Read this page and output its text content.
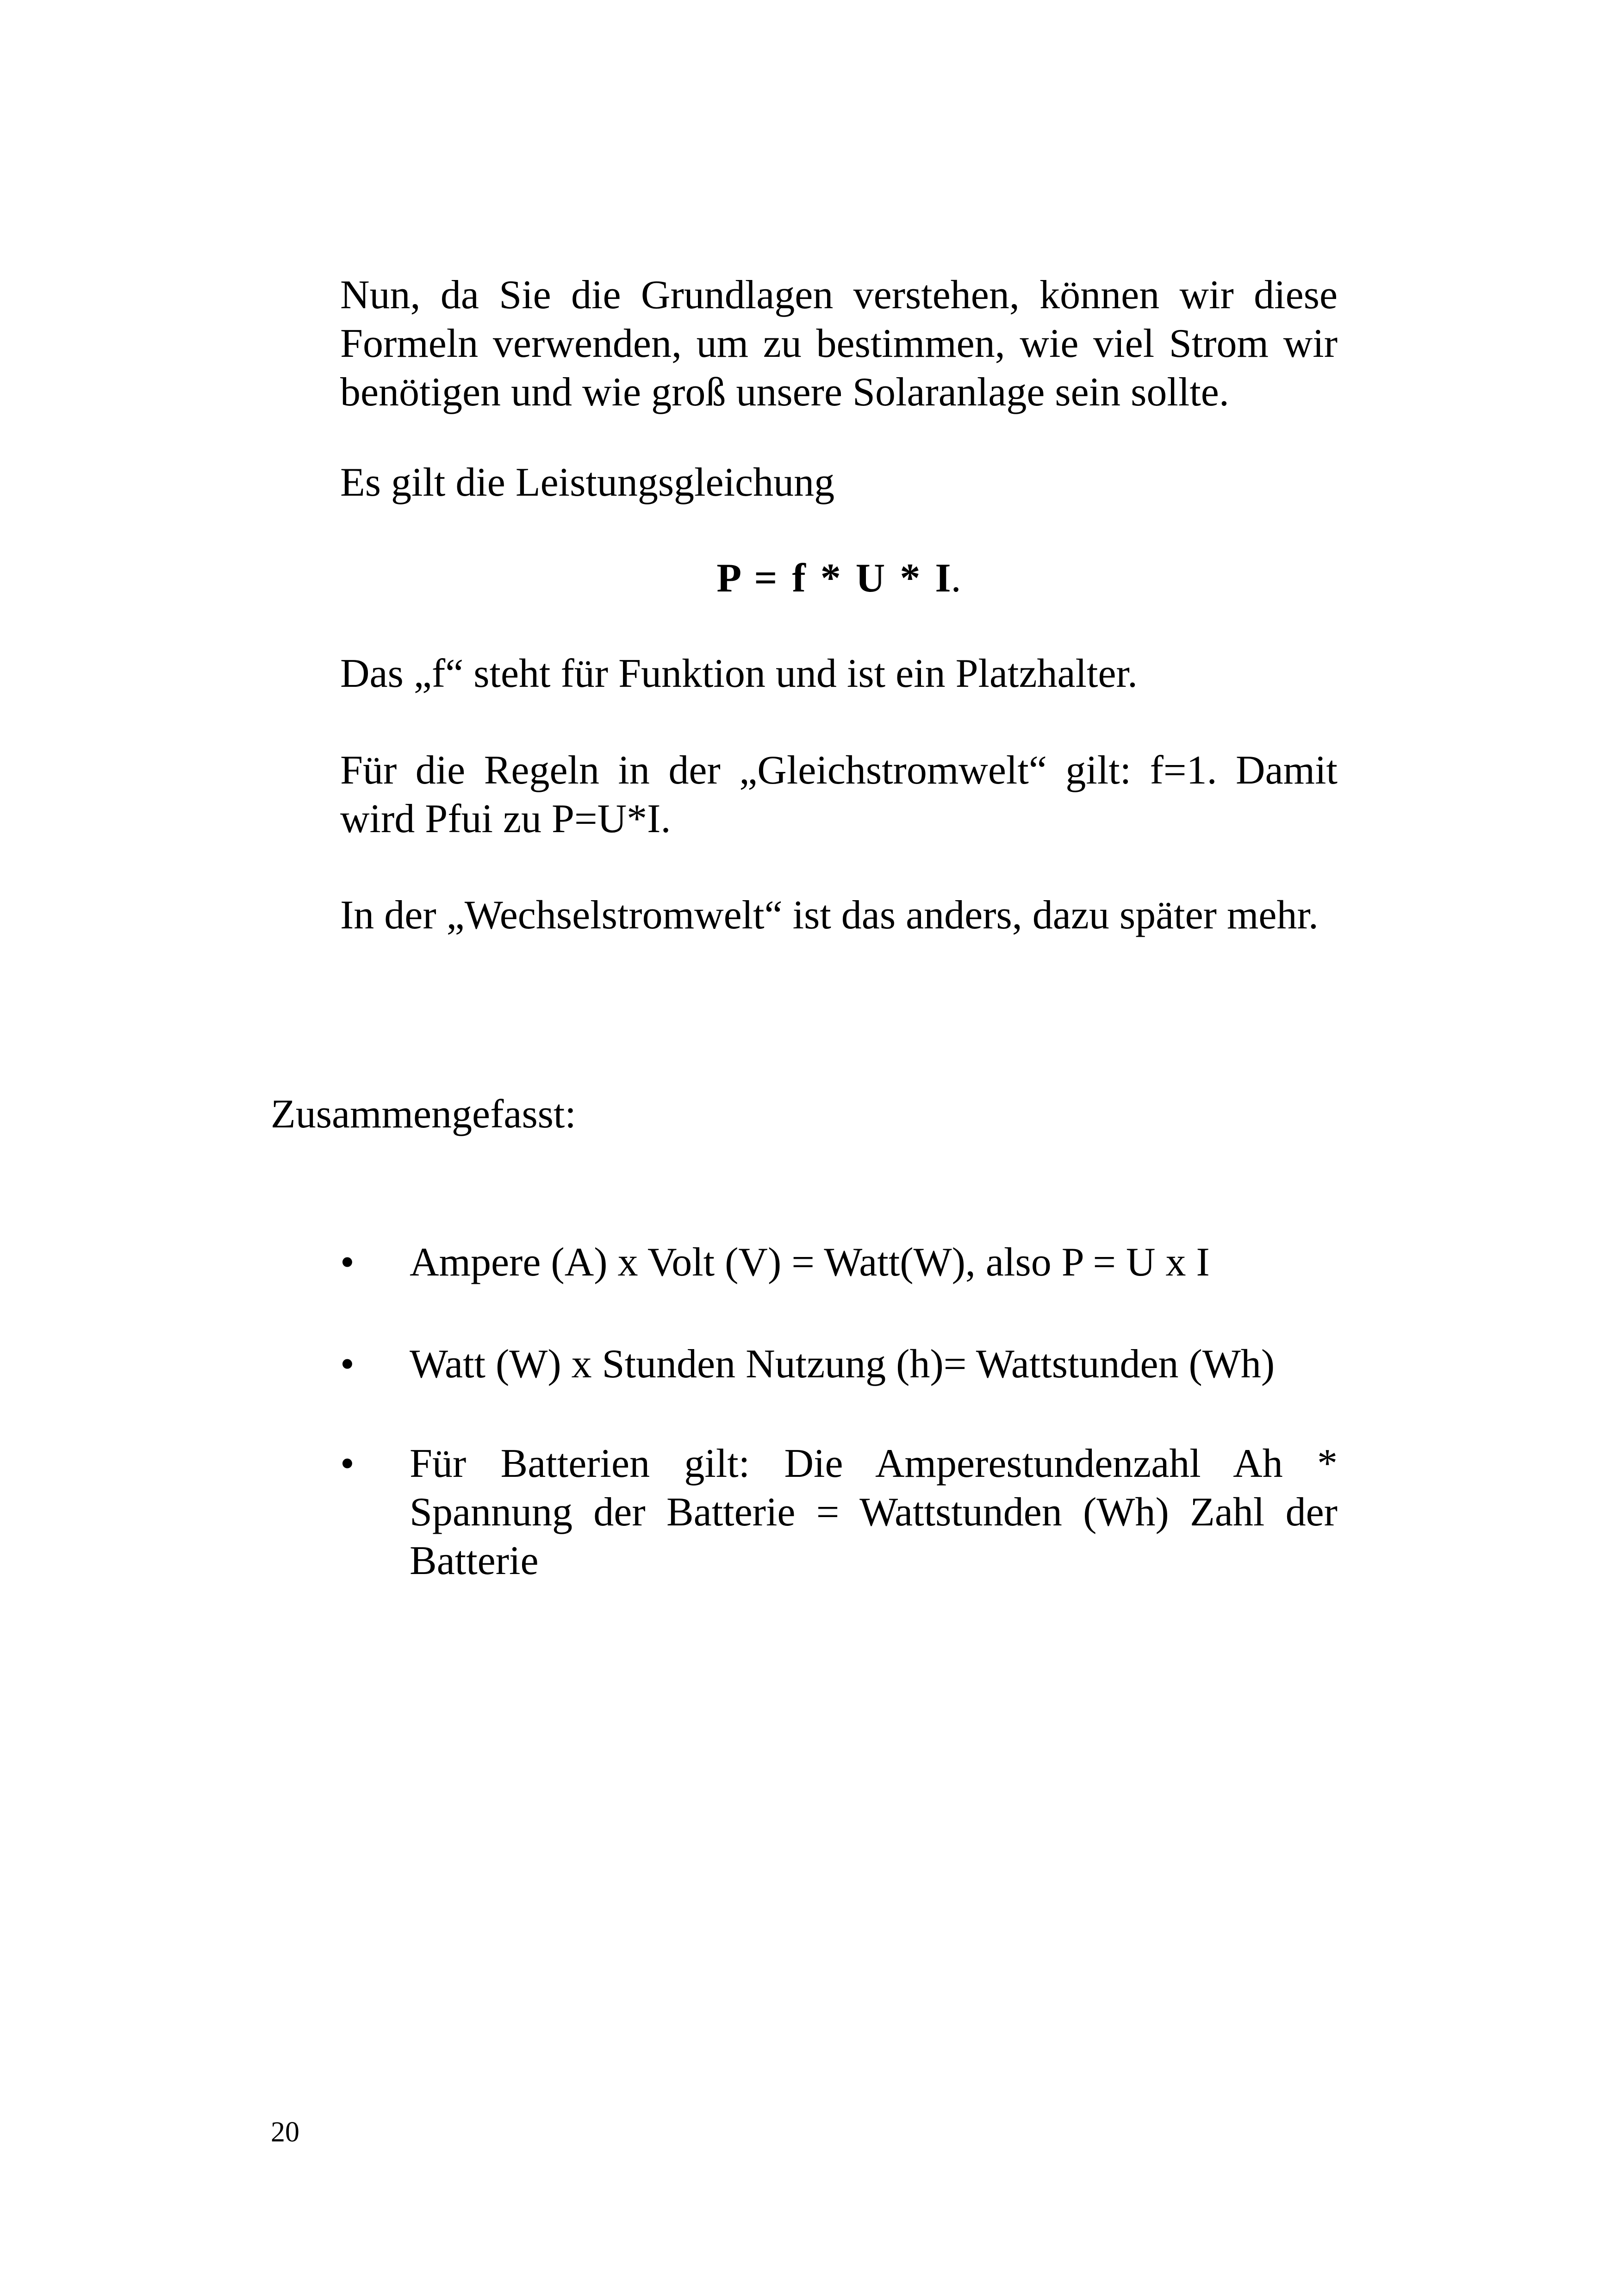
Nun, da Sie die Grundlagen verstehen, können wir diese Formeln verwenden, um zu bestimmen, wie viel Strom wir benötigen und wie groß unsere Solaranlage sein sollte.
Es gilt die Leistungsgleichung
P = f * U * I.
Das „f“ steht für Funktion und ist ein Platzhalter.
Für die Regeln in der „Gleichstromwelt“ gilt: f=1. Damit wird Pfui zu P=U*I.
In der „Wechselstromwelt“ ist das anders, dazu später mehr.
Zusammengefasst:
•	Ampere (A) x Volt (V) = Watt(W), also P = U x I
•	Watt (W) x Stunden Nutzung (h)= Wattstunden (Wh)
•	Für Batterien gilt: Die Amperestundenzahl Ah * Spannung der Batterie = Wattstunden (Wh) Zahl der Batterie
20
